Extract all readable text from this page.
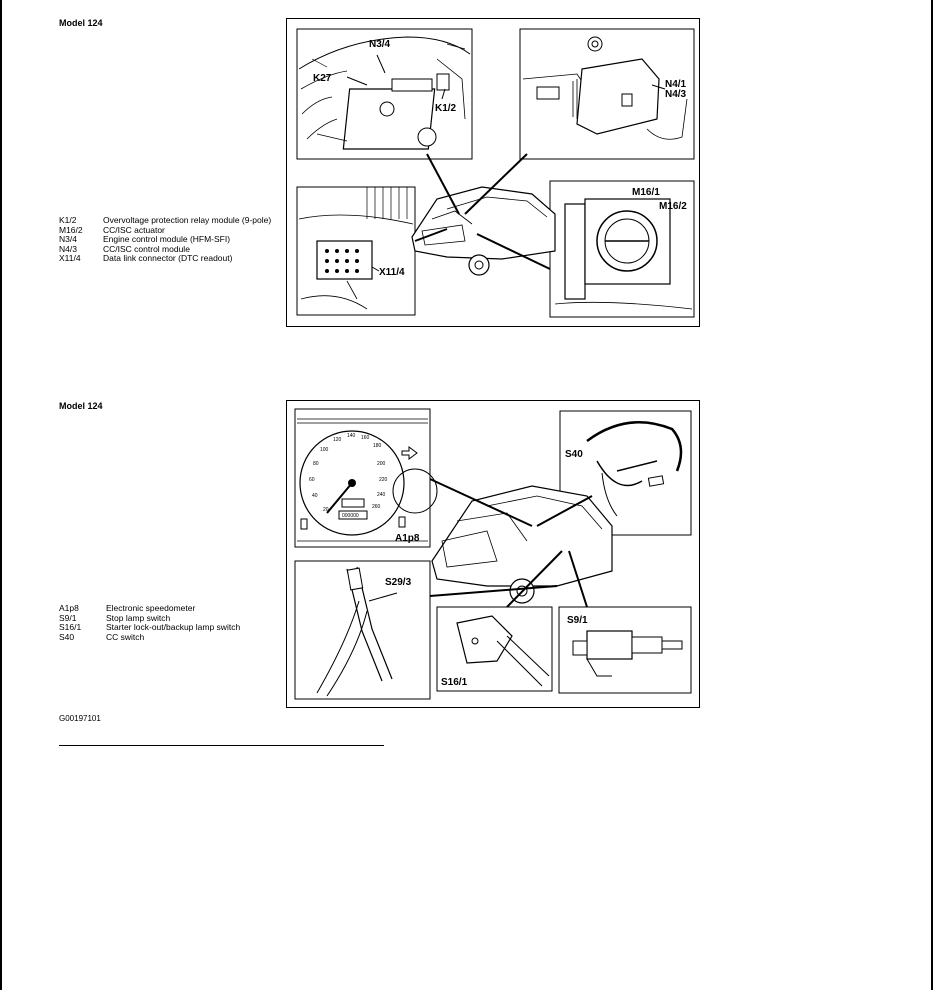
Model 124
K1/2	Overvoltage protection relay module (9-pole)
M16/2	CC/ISC actuator
N3/4	Engine control module (HFM-SFI)
N4/3	CC/ISC control module
X11/4	Data link connector (DTC readout)
N3/4
K27
K1/2
N4/1
N4/3
X11/4
M16/1
M16/2
Model 124
A1p8	Electronic speedometer
S9/1	Stop lamp switch
S16/1	Starter lock-out/backup lamp switch
S40	CC switch
20
40
60
80
100
120
140 160
180
200
220
240
260
000000
A1p8
S40
S29/3
S16/1
S9/1
G00197101
